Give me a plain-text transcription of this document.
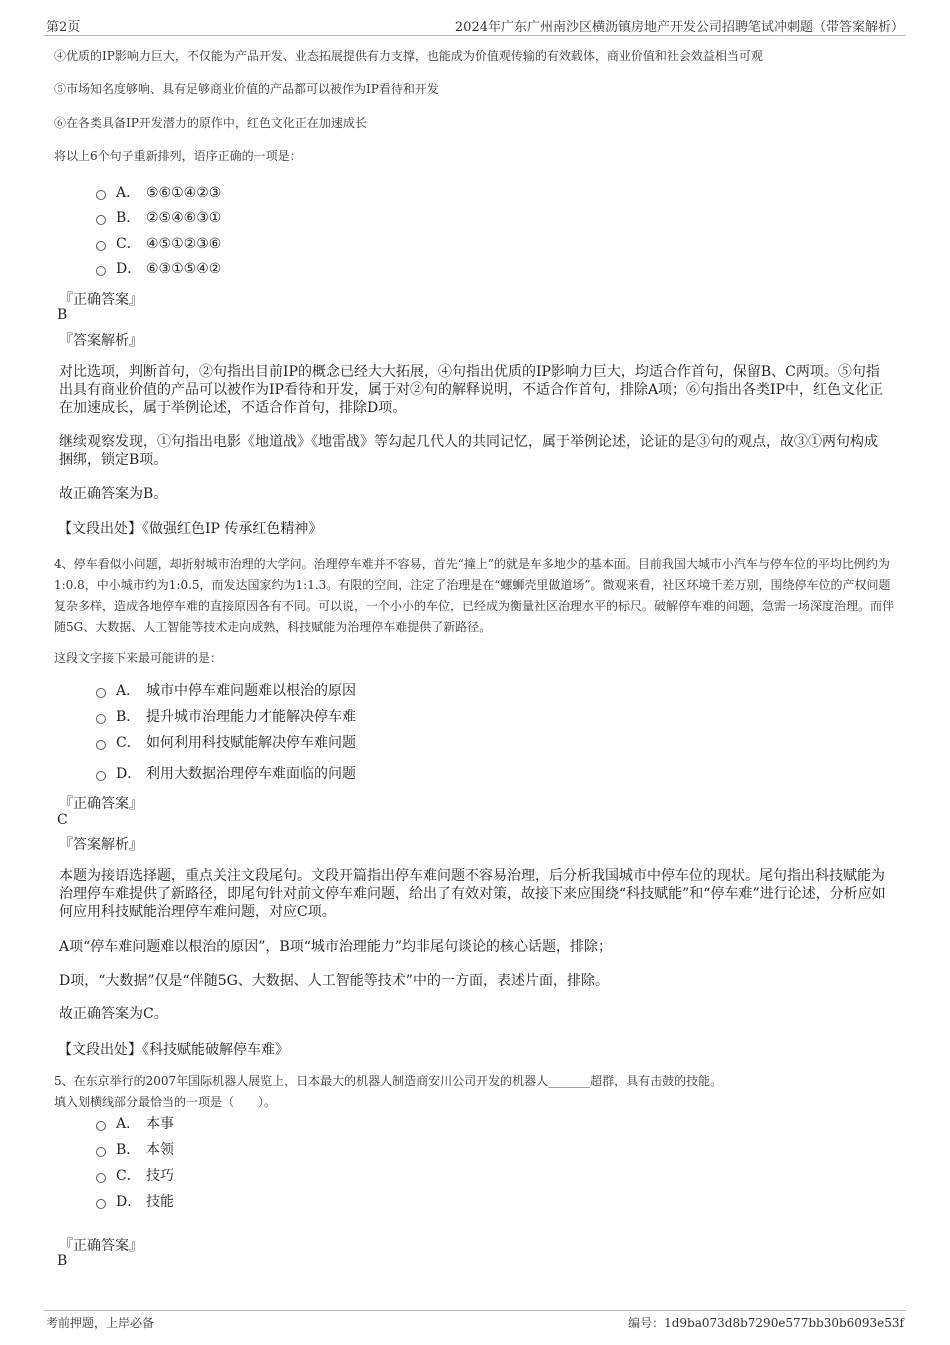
第2页	2024年广东广州南沙区横沥镇房地产开发公司招聘笔试冲刺题（带答案解析）
④优质的IP影响力巨大，不仅能为产品开发、业态拓展提供有力支撑，也能成为价值观传输的有效载体，商业价值和社会效益相当可观
⑤市场知名度够响、具有足够商业价值的产品都可以被作为IP看待和开发
⑥在各类具备IP开发潜力的原作中，红色文化正在加速成长
将以上6个句子重新排列，语序正确的一项是：
A． ⑤⑥①④②③
B． ②⑤④⑥③①
C． ④⑤①②③⑥
D． ⑥③①⑤④②
『正确答案』
B
『答案解析』
对比选项，判断首句，②句指出目前IP的概念已经大大拓展，④句指出优质的IP影响力巨大，均适合作首句，保留B、C两项。⑤句指出具有商业价值的产品可以被作为IP看待和开发，属于对②句的解释说明，不适合作首句，排除A项；⑥句指出各类IP中，红色文化正在加速成长，属于举例论述，不适合作首句，排除D项。
继续观察发现，①句指出电影《地道战》《地雷战》等勾起几代人的共同记忆，属于举例论述，论证的是③句的观点，故③①两句构成捆绑，锁定B项。
故正确答案为B。
【文段出处】《做强红色IP 传承红色精神》
4、停车看似小问题，却折射城市治理的大学问。治理停车难并不容易，首先“撞上”的就是车多地少的基本面。目前我国大城市小汽车与停车位的平均比例约为1:0.8，中小城市约为1:0.5，而发达国家约为1:1.3。有限的空间，注定了治理是在“螺蛳壳里做道场”。微观来看，社区环境千差万别，围绕停车位的产权问题复杂多样，造成各地停车难的直接原因各有不同。可以说，一个小小的车位，已经成为衡量社区治理水平的标尺。破解停车难的问题，急需一场深度治理。而伴随5G、大数据、人工智能等技术走向成熟，科技赋能为治理停车难提供了新路径。
这段文字接下来最可能讲的是：
A． 城市中停车难问题难以根治的原因
B． 提升城市治理能力才能解决停车难
C． 如何利用科技赋能解决停车难问题
D． 利用大数据治理停车难面临的问题
『正确答案』
C
『答案解析』
本题为接语选择题，重点关注文段尾句。文段开篇指出停车难问题不容易治理，后分析我国城市中停车位的现状。尾句指出科技赋能为治理停车难提供了新路径，即尾句针对前文停车难问题，给出了有效对策，故接下来应围绕“科技赋能”和“停车难”进行论述，分析应如何应用科技赋能治理停车难问题，对应C项。
A项“停车难问题难以根治的原因”，B项“城市治理能力”均非尾句谈论的核心话题，排除；
D项，“大数据”仅是“伴随5G、大数据、人工智能等技术”中的一方面，表述片面，排除。
故正确答案为C。
【文段出处】《科技赋能破解停车难》
5、在东京举行的2007年国际机器人展览上，日本最大的机器人制造商安川公司开发的机器人_______超群，具有击鼓的技能。
填入划横线部分最恰当的一项是（　　）。
A． 本事
B． 本领
C． 技巧
D． 技能
『正确答案』
B
考前押题，上岸必备	编号：1d9ba073d8b7290e577bb30b6093e53f
